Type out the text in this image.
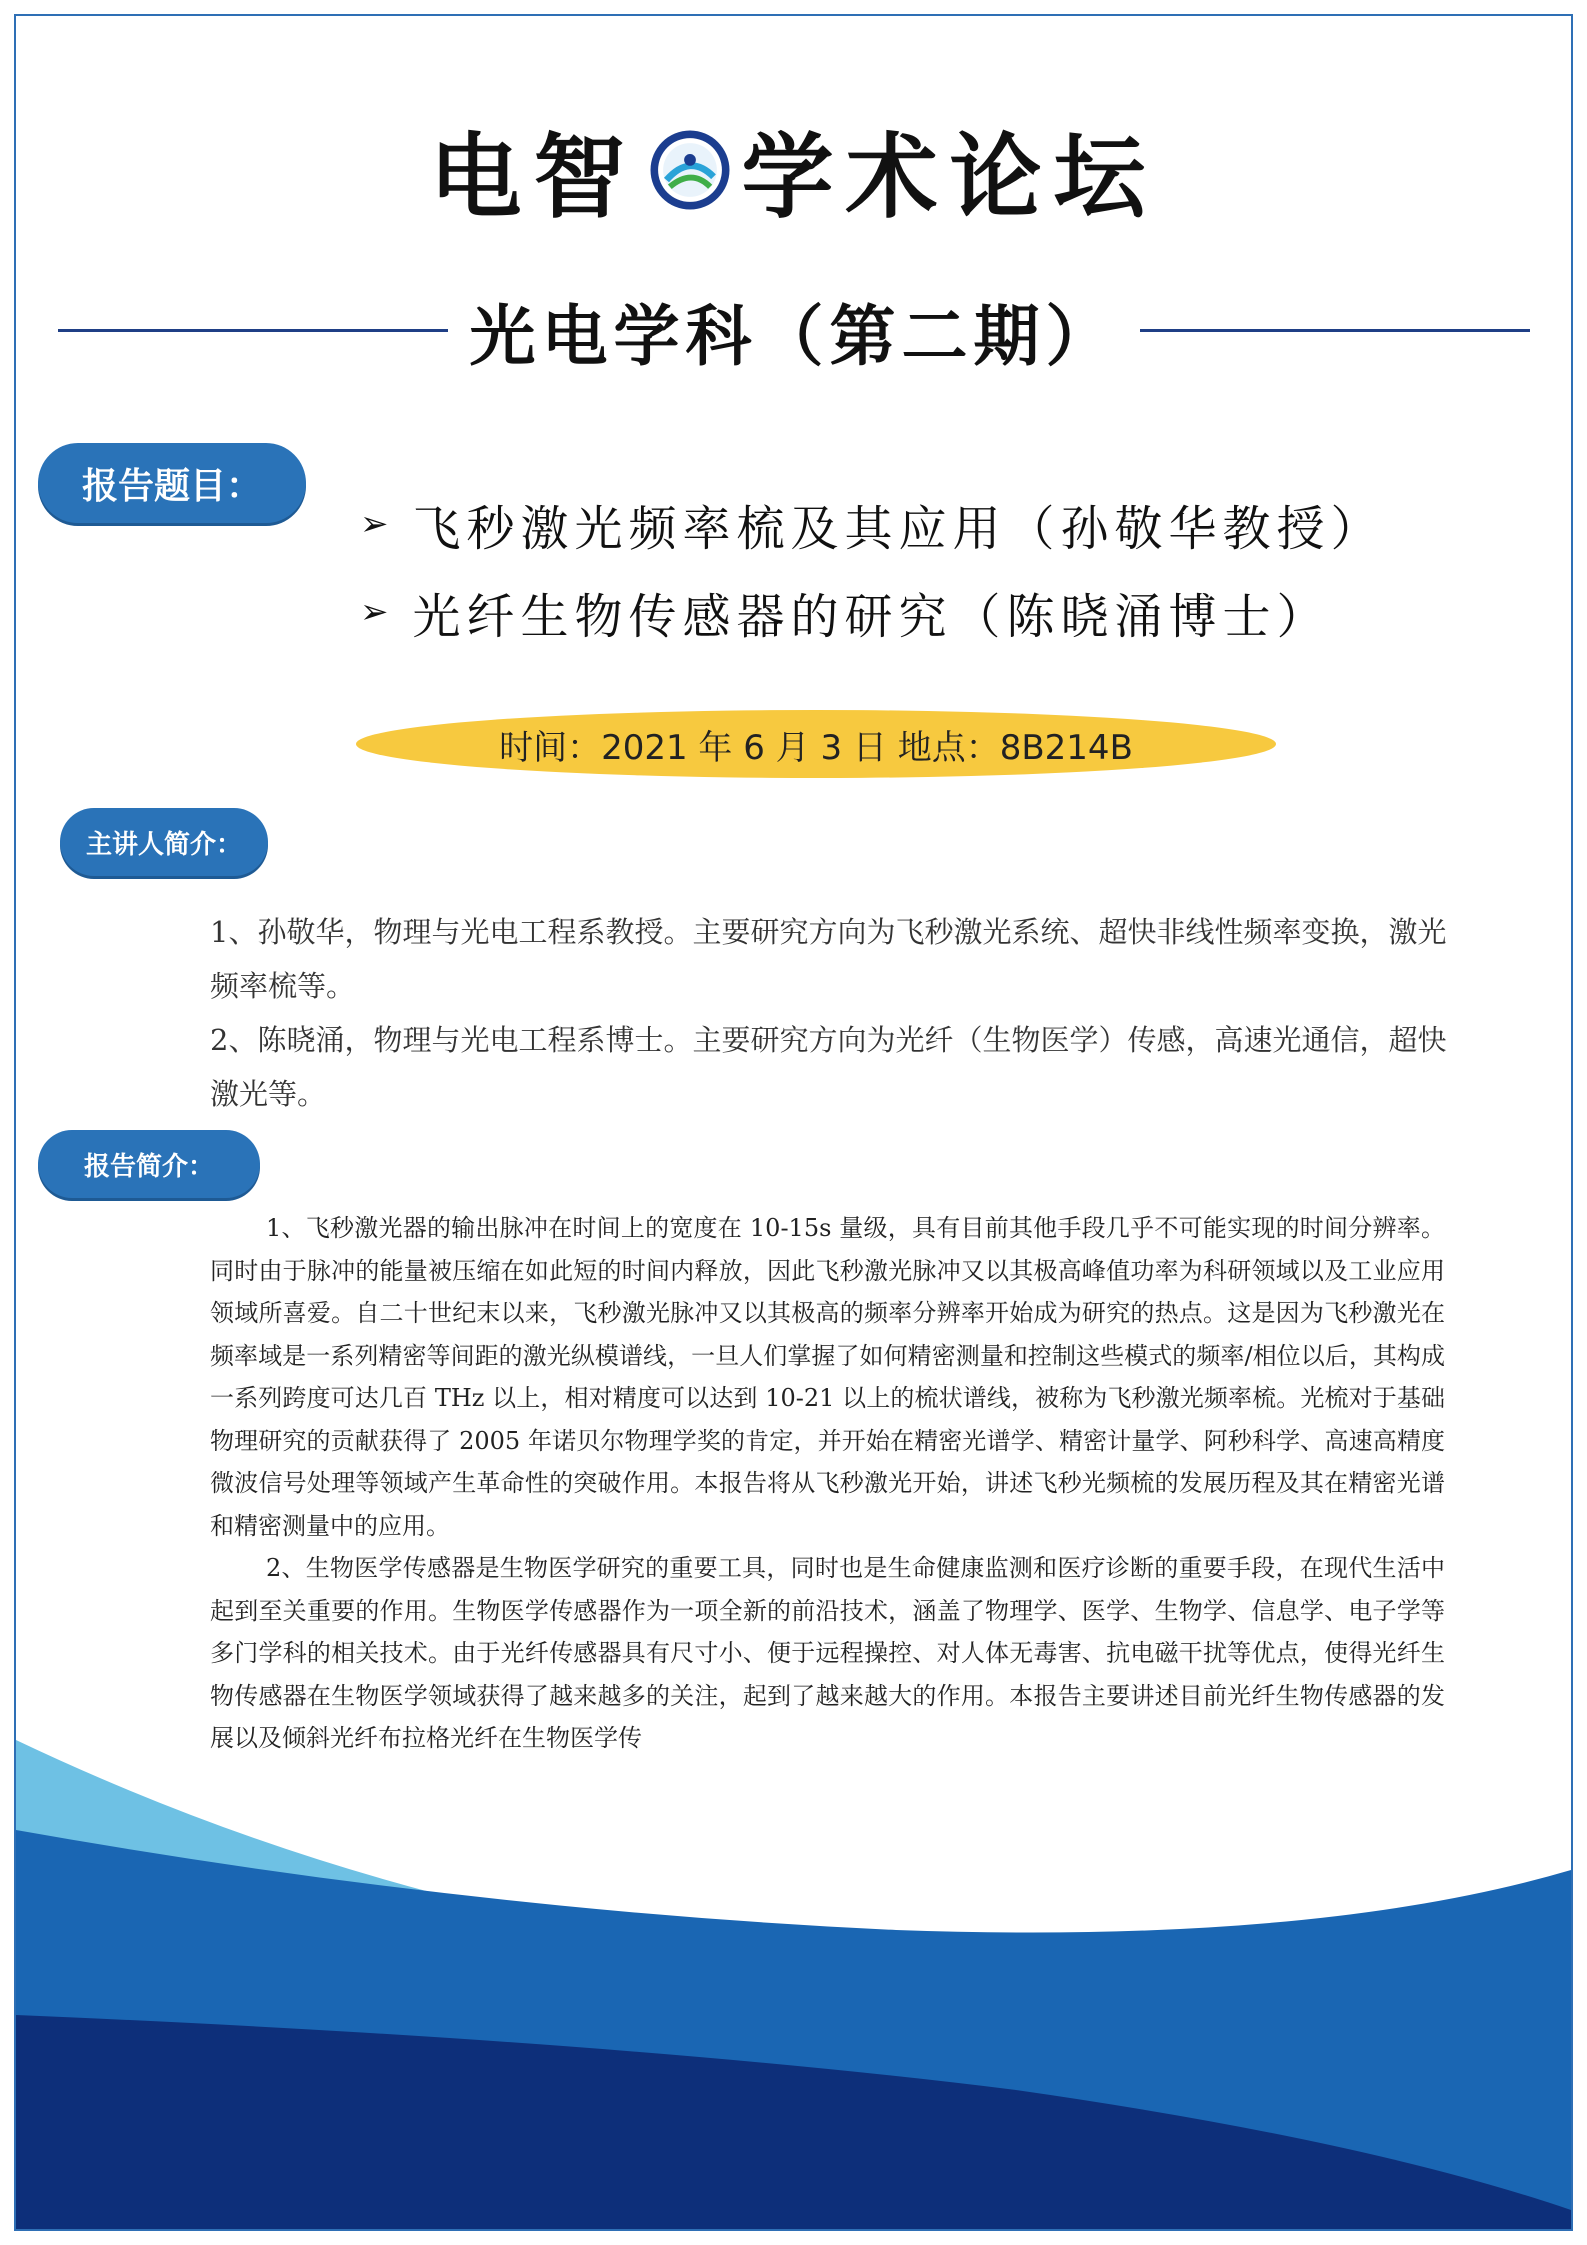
电智 学术论坛
光电学科（第二期）
报告题目：
➢ 飞秒激光频率梳及其应用（孙敬华教授）
➢ 光纤生物传感器的研究（陈晓涌博士）
时间：2021 年 6 月 3 日 地点：8B214B
主讲人简介：

1、孙敬华，物理与光电工程系教授。主要研究方向为飞秒激光系统、超快非线性频率变换，激光频率梳等。

2、陈晓涌，物理与光电工程系博士。主要研究方向为光纤（生物医学）传感，高速光通信，超快激光等。

报告简介：

1、飞秒激光器的输出脉冲在时间上的宽度在 10-15s 量级，具有目前其他手段几乎不可能实现的时间分辨率。同时由于脉冲的能量被压缩在如此短的时间内释放，因此飞秒激光脉冲又以其极高峰值功率为科研领域以及工业应用领域所喜爱。自二十世纪末以来，飞秒激光脉冲又以其极高的频率分辨率开始成为研究的热点。这是因为飞秒激光在频率域是一系列精密等间距的激光纵模谱线，一旦人们掌握了如何精密测量和控制这些模式的频率/相位以后，其构成一系列跨度可达几百 THz 以上，相对精度可以达到 10-21 以上的梳状谱线，被称为飞秒激光频率梳。光梳对于基础物理研究的贡献获得了 2005 年诺贝尔物理学奖的肯定，并开始在精密光谱学、精密计量学、阿秒科学、高速高精度微波信号处理等领域产生革命性的突破作用。本报告将从飞秒激光开始，讲述飞秒光频梳的发展历程及其在精密光谱和精密测量中的应用。

2、生物医学传感器是生物医学研究的重要工具，同时也是生命健康监测和医疗诊断的重要手段，在现代生活中起到至关重要的作用。生物医学传感器作为一项全新的前沿技术，涵盖了物理学、医学、生物学、信息学、电子学等多门学科的相关技术。由于光纤传感器具有尺寸小、便于远程操控、对人体无毒害、抗电磁干扰等优点，使得光纤生物传感器在生物医学领域获得了越来越多的关注，起到了越来越大的作用。本报告主要讲述目前光纤生物传感器的发展以及倾斜光纤布拉格光纤在生物医学传
